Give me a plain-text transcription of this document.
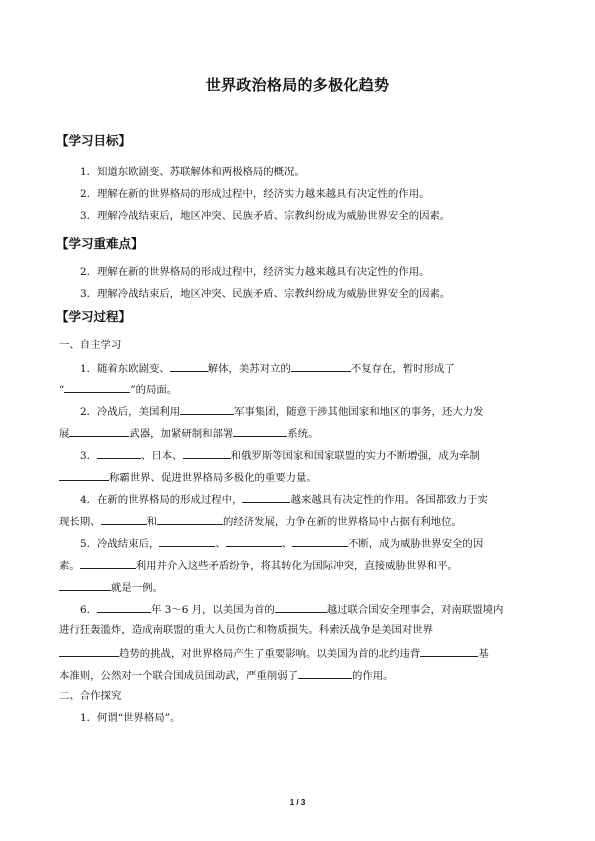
世界政治格局的多极化趋势
【学习目标】
1．知道东欧剧变、苏联解体和两极格局的概况。
2．理解在新的世界格局的形成过程中，经济实力越来越具有决定性的作用。
3．理解冷战结束后，地区冲突、民族矛盾、宗教纠纷成为威胁世界安全的因素。
【学习重难点】
2．理解在新的世界格局的形成过程中，经济实力越来越具有决定性的作用。
3．理解冷战结束后，地区冲突、民族矛盾、宗教纠纷成为威胁世界安全的因素。
【学习过程】
一、自主学习
1．随着东欧剧变、	解体，美苏对立的	不复存在，暂时形成了
“	”的局面。
2．冷战后，美国利用	军事集团，随意干涉其他国家和地区的事务，还大力发
展	武器，加紧研制和部署	系统。
3．	、日本、	和俄罗斯等国家和国家联盟的实力不断增强，成为牵制
称霸世界、促进世界格局多极化的重要力量。
4．在新的世界格局的形成过程中，	越来越具有决定性的作用。各国都致力于实
现长期、	和	的经济发展，力争在新的世界格局中占据有利地位。
5．冷战结束后，	、	、	不断，成为威胁世界安全的因
素。	利用并介入这些矛盾纷争，将其转化为国际冲突，直接威胁世界和平。
就是一例。
6．	年 3～6 月，以美国为首的	越过联合国安全理事会，对南联盟境内
进行狂轰滥炸，造成南联盟的重大人员伤亡和物质损失。科索沃战争是美国对世界
趋势的挑战，对世界格局产生了重要影响。以美国为首的北约违背	基
本准则，公然对一个联合国成员国动武，严重削弱了	的作用。
二、合作探究
1．何谓“世界格局”。
1 / 3
